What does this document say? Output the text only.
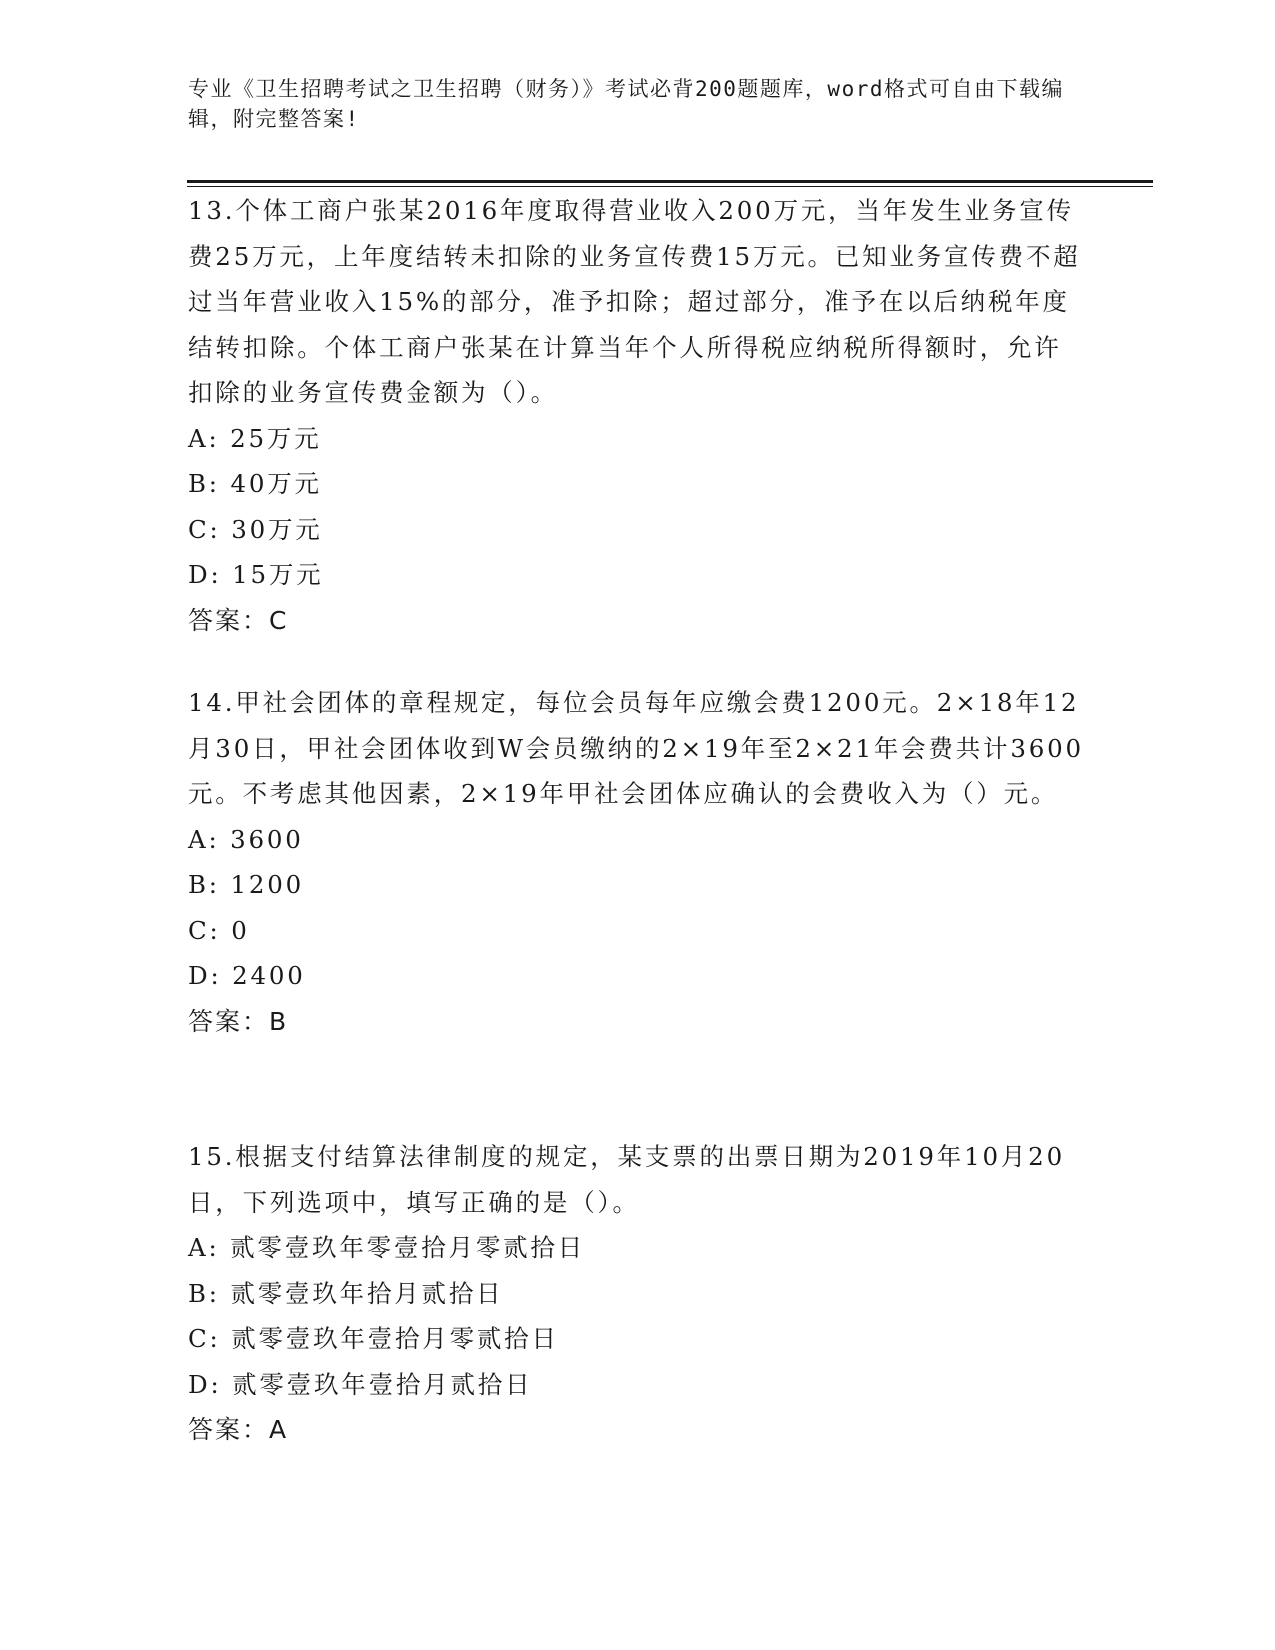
专业《卫生招聘考试之卫生招聘（财务）》考试必背200题题库，word格式可自由下载编辑，附完整答案!

13.个体工商户张某2016年度取得营业收入200万元，当年发生业务宣传费25万元，上年度结转未扣除的业务宣传费15万元。已知业务宣传费不超过当年营业收入15%的部分，准予扣除；超过部分，准予在以后纳税年度结转扣除。个体工商户张某在计算当年个人所得税应纳税所得额时，允许扣除的业务宣传费金额为（）。

A: 25万元

B: 40万元

C: 30万元

D: 15万元

答案：C

14.甲社会团体的章程规定，每位会员每年应缴会费1200元。2×18年12月30日，甲社会团体收到W会员缴纳的2×19年至2×21年会费共计3600元。不考虑其他因素，2×19年甲社会团体应确认的会费收入为（）元。

A: 3600

B: 1200

C: 0

D: 2400

答案：B

15.根据支付结算法律制度的规定，某支票的出票日期为2019年10月20日，下列选项中，填写正确的是（）。

A: 贰零壹玖年零壹拾月零贰拾日

B: 贰零壹玖年拾月贰拾日

C: 贰零壹玖年壹拾月零贰拾日

D: 贰零壹玖年壹拾月贰拾日

答案：A
